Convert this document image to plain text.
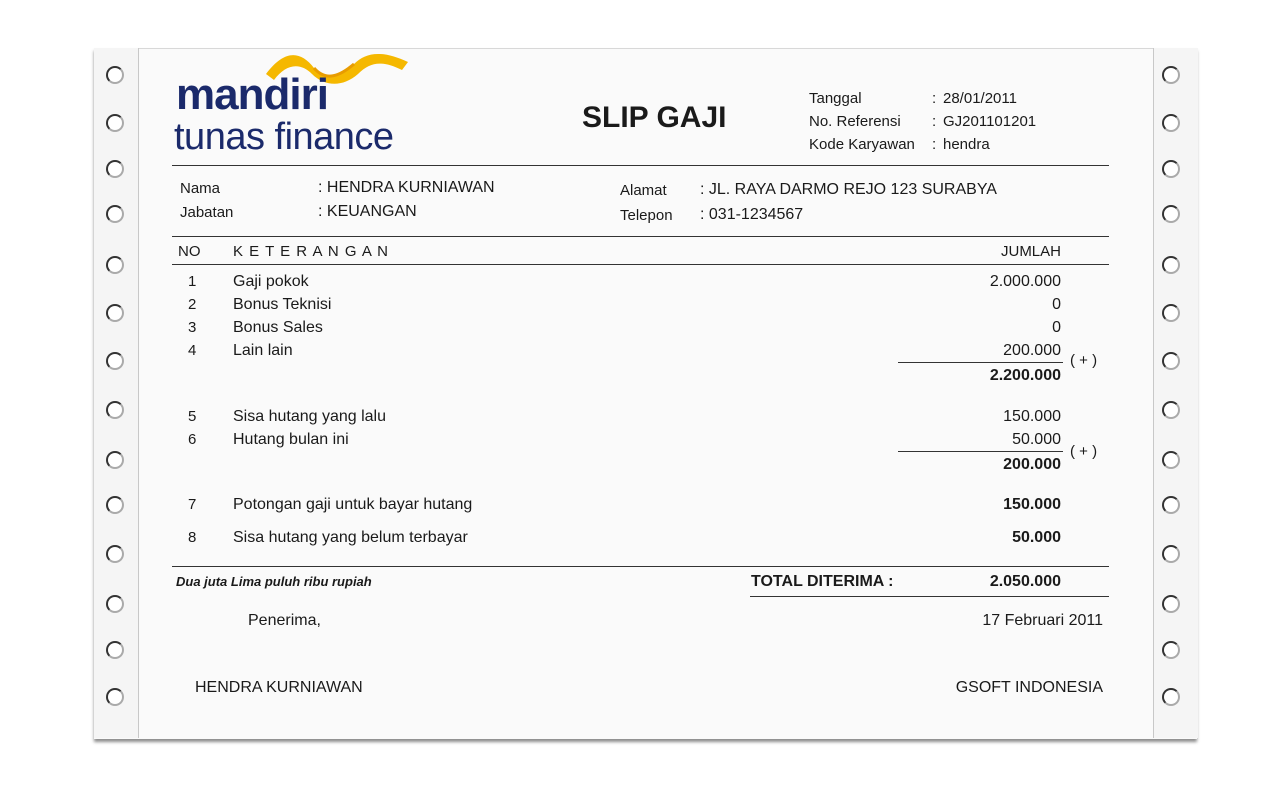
mandiri
tunas finance	SLIP GAJI
Tanggal	: 28/01/2011
No. Referensi : GJ201101201
Kode Karyawan : hendra
Nama	: HENDRA KURNIAWAN
Jabatan	: KEUANGAN
Alamat : JL. RAYA DARMO REJO 123 SURABYA
Telepon : 031-1234567
NO K E T E R A N G A N	JUMLAH
1 Gaji pokok	2.000.000
2 Bonus Teknisi	0
3 Bonus Sales	0
4 Lain lain	200.000
( + )
2.200.000
5 Sisa hutang yang lalu	150.000
6 Hutang bulan ini	50.000
( + )
200.000
7 Potongan gaji untuk bayar hutang	150.000
8 Sisa hutang yang belum terbayar	50.000
Dua juta Lima puluh ribu rupiah	TOTAL DITERIMA :	2.050.000
Penerima,	17 Februari 2011
HENDRA KURNIAWAN	GSOFT INDONESIA
